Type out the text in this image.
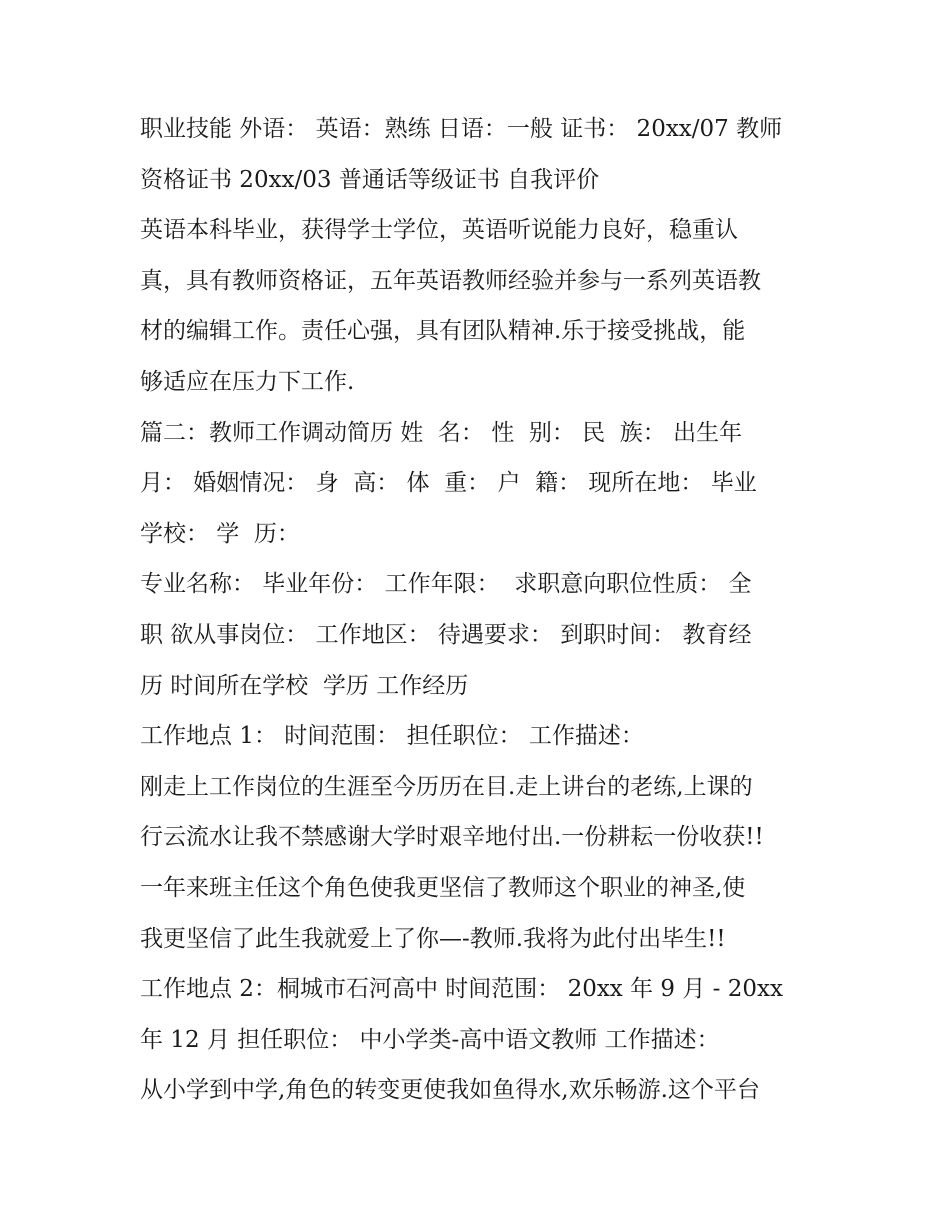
职业技能 外语： 英语：熟练 日语：一般 证书： 20xx/07 教师
资格证书 20xx/03 普通话等级证书 自我评价
英语本科毕业，获得学士学位，英语听说能力良好，稳重认
真，具有教师资格证，五年英语教师经验并参与一系列英语教
材的编辑工作。责任心强，具有团队精神.乐于接受挑战，能
够适应在压力下工作.
篇二：教师工作调动简历 姓  名： 性  别： 民  族： 出生年
月： 婚姻情况： 身  高： 体  重： 户  籍： 现所在地： 毕业
学校： 学  历：
专业名称： 毕业年份： 工作年限：  求职意向职位性质： 全
职 欲从事岗位： 工作地区： 待遇要求： 到职时间： 教育经
历 时间所在学校  学历 工作经历
工作地点 1： 时间范围： 担任职位： 工作描述：
刚走上工作岗位的生涯至今历历在目.走上讲台的老练,上课的
行云流水让我不禁感谢大学时艰辛地付出.一份耕耘一份收获!!
一年来班主任这个角色使我更坚信了教师这个职业的神圣,使
我更坚信了此生我就爱上了你—-教师.我将为此付出毕生!!
工作地点 2：桐城市石河高中 时间范围： 20xx 年 9 月 - 20xx
年 12 月 担任职位： 中小学类-高中语文教师 工作描述：
从小学到中学,角色的转变更使我如鱼得水,欢乐畅游.这个平台
